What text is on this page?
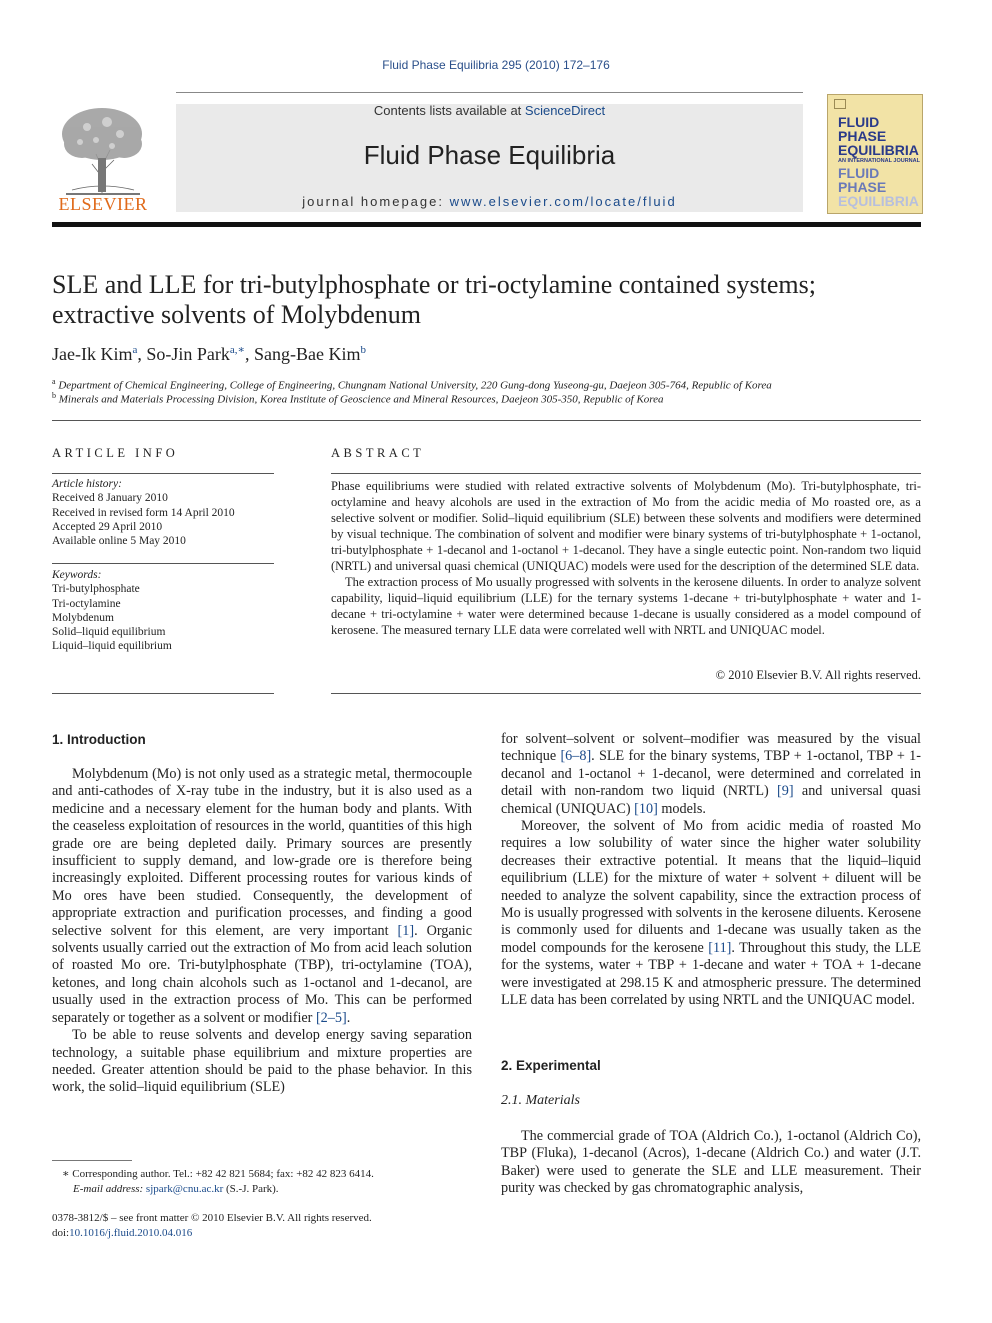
Fluid Phase Equilibria 295 (2010) 172–176
Contents lists available at ScienceDirect
Fluid Phase Equilibria
journal homepage: www.elsevier.com/locate/fluid
ELSEVIER
FLUID PHASE
EQUILIBRIA
AN INTERNATIONAL JOURNAL
FLUID PHASE
EQUILIBRIA
SLE and LLE for tri-butylphosphate or tri-octylamine contained systems;
extractive solvents of Molybdenum
Jae-Ik Kim$^a$, So-Jin Park$^{a,∗}$, Sang-Bae Kim$^b$
$^a$ Department of Chemical Engineering, College of Engineering, Chungnam National University, 220 Gung-dong Yuseong-gu, Daejeon 305-764, Republic of Korea
$^b$ Minerals and Materials Processing Division, Korea Institute of Geoscience and Mineral Resources, Daejeon 305-350, Republic of Korea
ARTICLE INFO
Article history:
Received 8 January 2010
Received in revised form 14 April 2010
Accepted 29 April 2010
Available online 5 May 2010
Keywords:
Tri-butylphosphate
Tri-octylamine
Molybdenum
Solid–liquid equilibrium
Liquid–liquid equilibrium
ABSTRACT

Phase equilibriums were studied with related extractive solvents of Molybdenum (Mo). Tri-butylphosphate, tri-octylamine and heavy alcohols are used in the extraction of Mo from the acidic media of Mo roasted ore, as a selective solvent or modifier. Solid–liquid equilibrium (SLE) between these solvents and modifiers were determined by visual technique. The combination of solvent and modifier were binary systems of tri-butylphosphate + 1-octanol, tri-butylphosphate + 1-decanol and 1-octanol + 1-decanol. They have a single eutectic point. Non-random two liquid (NRTL) and universal quasi chemical (UNIQUAC) models were used for the description of the determined SLE data.

The extraction process of Mo usually progressed with solvents in the kerosene diluents. In order to analyze solvent capability, liquid–liquid equilibrium (LLE) for the ternary systems 1-decane + tri-butylphosphate + water and 1-decane + tri-octylamine + water were determined because 1-decane is usually considered as a model compound of kerosene. The measured ternary LLE data were correlated well with NRTL and UNIQUAC model.

© 2010 Elsevier B.V. All rights reserved.
1. Introduction

Molybdenum (Mo) is not only used as a strategic metal, thermocouple and anti-cathodes of X-ray tube in the industry, but it is also used as a medicine and a necessary element for the human body and plants. With the ceaseless exploitation of resources in the world, quantities of this high grade ore are being depleted daily. Primary sources are presently insufficient to supply demand, and low-grade ore is therefore being increasingly exploited. Different processing routes for various kinds of Mo ores have been studied. Consequently, the development of appropriate extraction and purification processes, and finding a good selective solvent for this element, are very important [1]. Organic solvents usually carried out the extraction of Mo from acid leach solution of roasted Mo ore. Tri-butylphosphate (TBP), tri-octylamine (TOA), ketones, and long chain alcohols such as 1-octanol and 1-decanol, are usually used in the extraction process of Mo. This can be performed separately or together as a solvent or modifier [2–5].

To be able to reuse solvents and develop energy saving separation technology, a suitable phase equilibrium and mixture properties are needed. Greater attention should be paid to the phase behavior. In this work, the solid–liquid equilibrium (SLE)

for solvent–solvent or solvent–modifier was measured by the visual technique [6–8]. SLE for the binary systems, TBP + 1-octanol, TBP + 1-decanol and 1-octanol + 1-decanol, were determined and correlated in detail with non-random two liquid (NRTL) [9] and universal quasi chemical (UNIQUAC) [10] models.

Moreover, the solvent of Mo from acidic media of roasted Mo requires a low solubility of water since the higher water solubility decreases their extractive potential. It means that the liquid–liquid equilibrium (LLE) for the mixture of water + solvent + diluent will be needed to analyze the solvent capability, since the extraction process of Mo is usually progressed with solvents in the kerosene diluents. Kerosene is commonly used for diluents and 1-decane was usually taken as the model compounds for the kerosene [11]. Throughout this study, the LLE for the systems, water + TBP + 1-decane and water + TOA + 1-decane were investigated at 298.15 K and atmospheric pressure. The determined LLE data has been correlated by using NRTL and the UNIQUAC model.

2. Experimental
2.1. Materials

The commercial grade of TOA (Aldrich Co.), 1-octanol (Aldrich Co), TBP (Fluka), 1-decanol (Acros), 1-decane (Aldrich Co.) and water (J.T. Baker) were used to generate the SLE and LLE measurement. Their purity was checked by gas chromatographic analysis,

∗ Corresponding author. Tel.: +82 42 821 5684; fax: +82 42 823 6414.
E-mail address: sjpark@cnu.ac.kr (S.-J. Park).
0378-3812/$ – see front matter © 2010 Elsevier B.V. All rights reserved.
doi:10.1016/j.fluid.2010.04.016
